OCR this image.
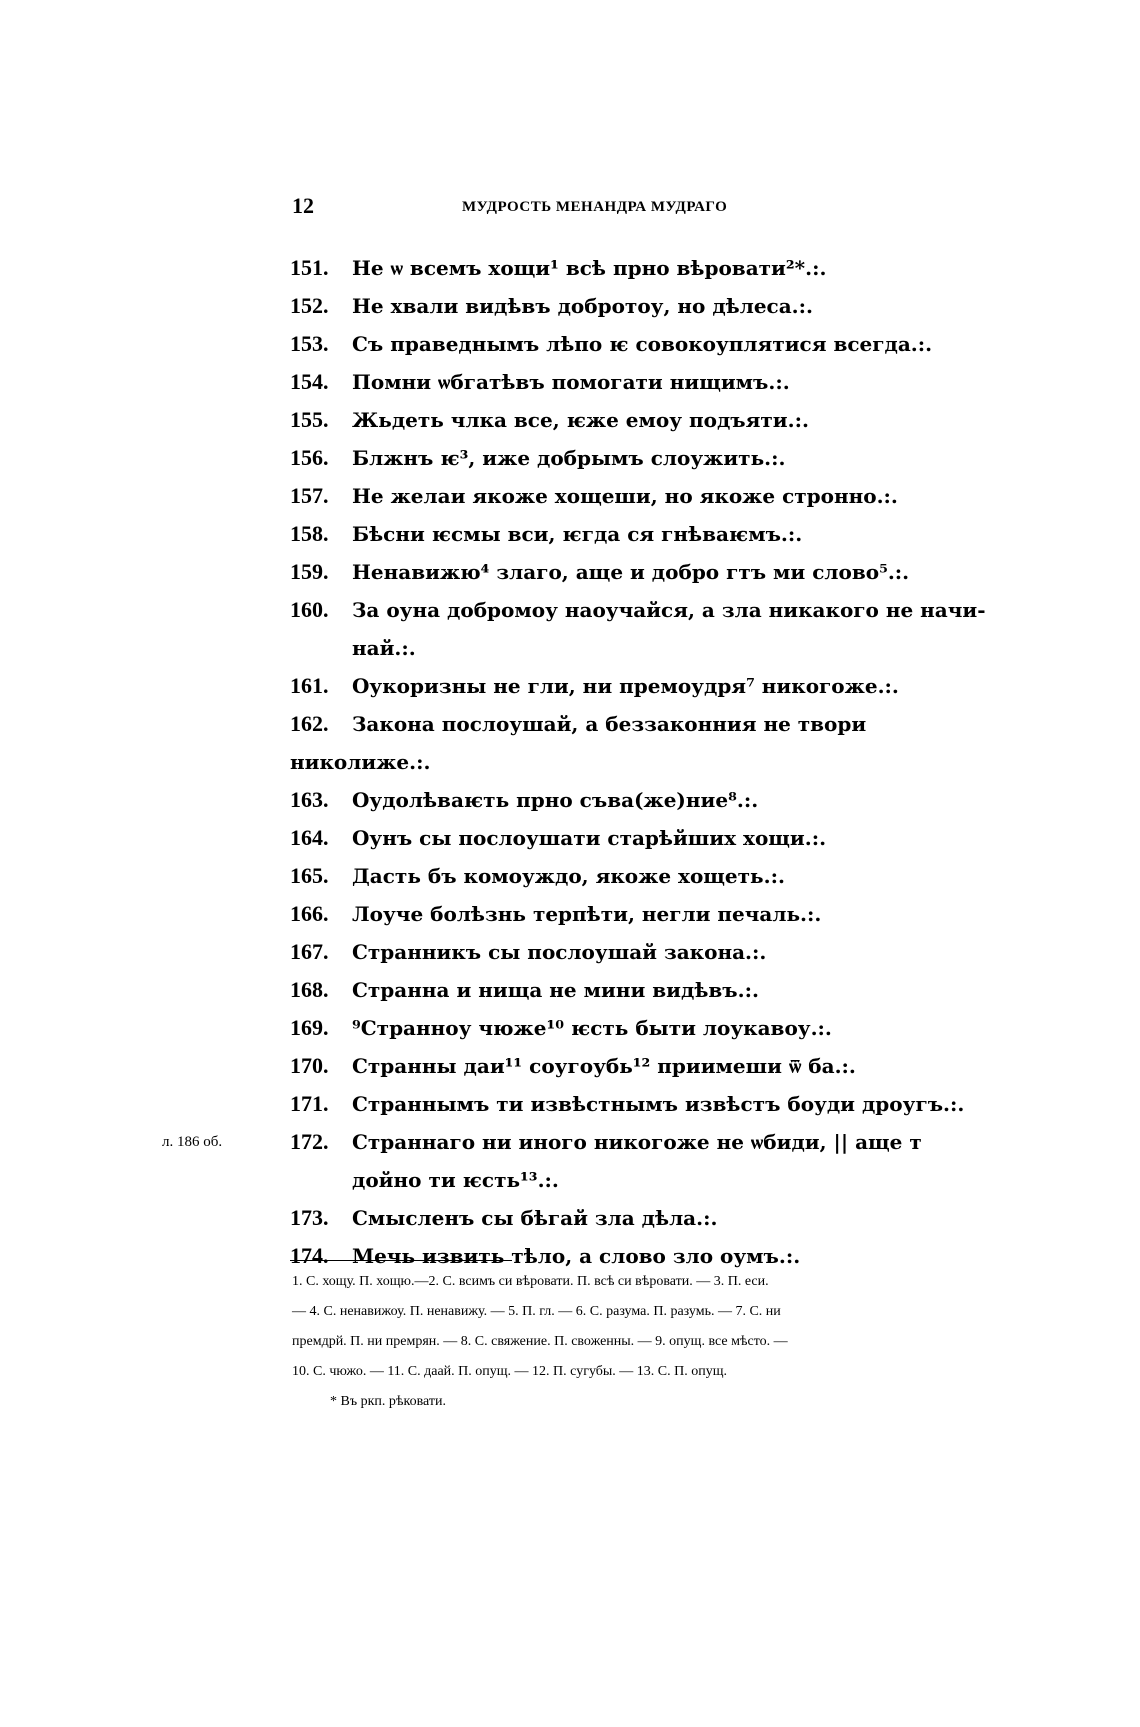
12	МУДРОСТЬ МЕНАНДРА МУДРАГО
151. Не ѡ всемъ хощи¹ всѣ прно вѣровати²*.:.
152. Не хвали видѣвъ добротоу, но дѣлеса.:.
153. Съ праведнымъ лѣпо ѥ совокоуплятися всегда.:.
154. Помни ѡбгатѣвъ помогати нищимъ.:.
155. Жьдеть члка все, ѥже емоу подъяти.:.
156. Блжнъ ѥ³, иже добрымъ слоужить.:.
157. Не желаи якоже хощеши, но якоже стронно.:.
158. Бѣсни ѥсмы вси, ѥгда ся гнѣваѥмъ.:.
159. Ненавижю⁴ злаго, аще и добро гтъ ми слово⁵.:.
160. За оуна добромоу наоучайся, а зла никакого не начи-
най.:.
161. Оукоризны не гли, ни премоудря⁷ никогоже.:.
162. Закона послоушай, а беззаконния не твори николиже.:.
163. Оудолѣваѥть прно съва(же)ние⁸.:.
164. Оунъ сы послоушати старѣйших хощи.:.
165. Дасть бъ комоуждо, якоже хощеть.:.
166. Лоуче болѣзнь терпѣти, негли печаль.:.
167. Странникъ сы послоушай закона.:.
168. Странна и нища не мини видѣвъ.:.
169. ⁹Страннoу чюже¹⁰ ѥсть быти лоукавоу.:.
170. Странны даи¹¹ соугоубь¹² приимеши ѿ ба.:.
171. Страннымъ ти извѣстнымъ извѣстъ боуди дроугъ.:.
л. 186 об.	172. Страннаго ни иного никогоже не ѡбиди, || аще т
дойно ти ѥсть¹³.:.
173. Смысленъ сы бѣгай зла дѣла.:.
174. Мечь извить тѣло, а слово зло оумъ.:.
1. С. хощу. П. хощю.—2. С. всимъ си вѣровати. П. всѣ си вѣровати. — 3. П. еси.
— 4. С. ненавижоу. П. ненавижу. — 5. П. гл. — 6. С. разума. П. разумь. — 7. С. ни
премдрй. П. ни премрян. — 8. С. свяжение. П. своженны. — 9. опущ. все мѣсто. —
10. С. чюжо. — 11. С. даай. П. опущ. — 12. П. сугубы. — 13. С. П. опущ.
* Въ ркп. рѣковати.
